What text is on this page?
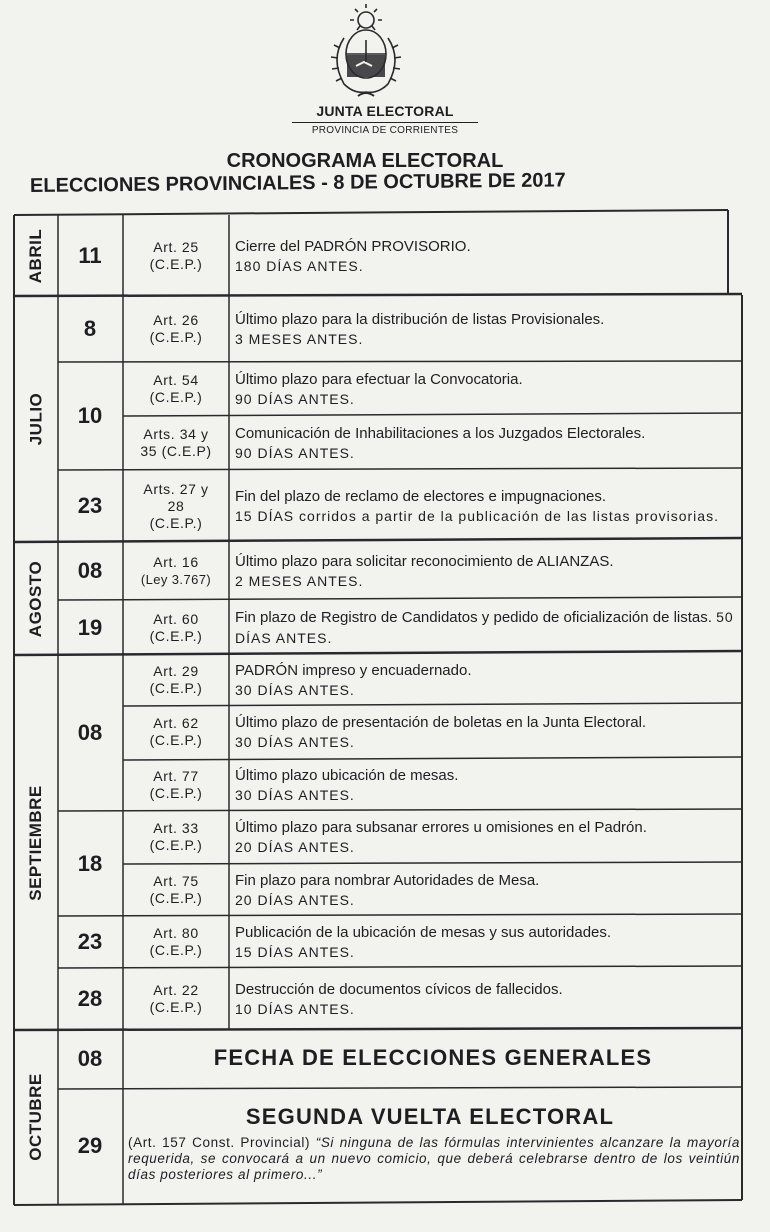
JUNTA ELECTORAL
PROVINCIA DE CORRIENTES
CRONOGRAMA ELECTORAL
ELECCIONES PROVINCIALES - 8 DE OCTUBRE DE 2017
ABRIL
JULIO
AGOSTO
SEPTIEMBRE
OCTUBRE
11
8
10
23
08
19
08
18
23
28
08
29
Art. 25
(C.E.P.)
Art. 26
(C.E.P.)
Art. 54
(C.E.P.)
Arts. 34 y
35 (C.E.P)
Arts. 27 y
28
(C.E.P.)
Art. 16
(Ley 3.767)
Art. 60
(C.E.P.)
Art. 29
(C.E.P.)
Art. 62
(C.E.P.)
Art. 77
(C.E.P.)
Art. 33
(C.E.P.)
Art. 75
(C.E.P.)
Art. 80
(C.E.P.)
Art. 22
(C.E.P.)
Cierre del PADRÓN PROVISORIO.
180 DÍAS ANTES.
Último plazo para la distribución de listas Provisionales.
3 MESES ANTES.
Último plazo para efectuar la Convocatoria.
90 DÍAS ANTES.
Comunicación de Inhabilitaciones a los Juzgados Electorales.
90 DÍAS ANTES.
Fin del plazo de reclamo de electores e impugnaciones.
15 DÍAS corridos a partir de la publicación de las listas provisorias.
Último plazo para solicitar reconocimiento de ALIANZAS.
2 MESES ANTES.
Fin plazo de Registro de Candidatos y pedido de oficialización de listas. 50 DÍAS ANTES.
PADRÓN impreso y encuadernado.
30 DÍAS ANTES.
Último plazo de presentación de boletas en la Junta Electoral.
30 DÍAS ANTES.
Último plazo ubicación de mesas.
30 DÍAS ANTES.
Último plazo para subsanar errores u omisiones en el Padrón.
20 DÍAS ANTES.
Fin plazo para nombrar Autoridades de Mesa.
20 DÍAS ANTES.
Publicación de la ubicación de mesas y sus autoridades.
15 DÍAS ANTES.
Destrucción de documentos cívicos de fallecidos.
10 DÍAS ANTES.
FECHA DE ELECCIONES GENERALES
SEGUNDA VUELTA ELECTORAL
(Art. 157 Const. Provincial) “Si ninguna de las fórmulas intervinientes alcanzare la mayoría requerida, se convocará a un nuevo comicio, que deberá celebrarse dentro de los veintiún días posteriores al primero...”
